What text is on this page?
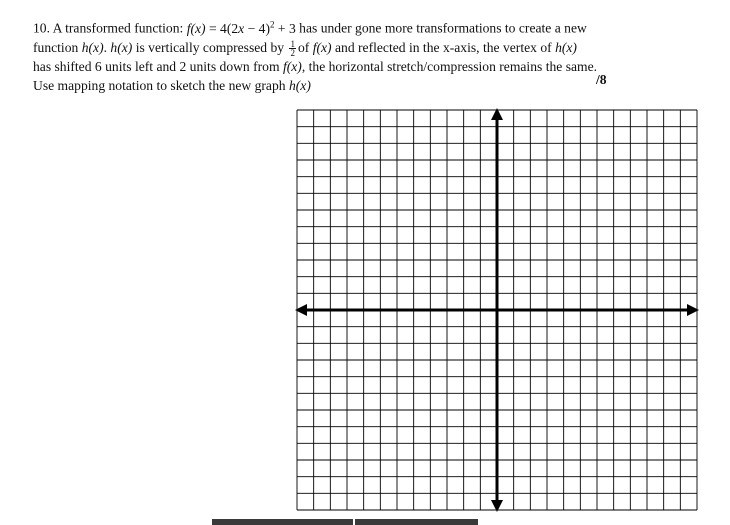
10. A transformed function: $f(x) = 4(2x - 4)^2 + 3$ has under gone more transformations to create a new
function h(x). h(x) is vertically compressed by $\frac{1}{2}$ of f(x) and reflected in the x-axis, the vertex of h(x)
has shifted 6 units left and 2 units down from f(x), the horizontal stretch/compression remains the same.
Use mapping notation to sketch the new graph h(x)	/8
